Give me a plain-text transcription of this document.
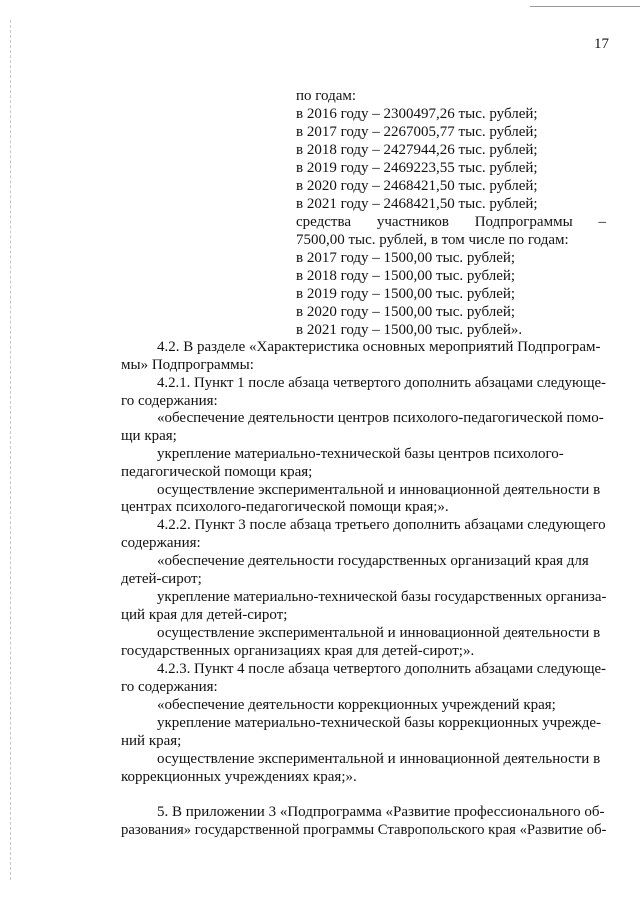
17
по годам:
в 2016 году – 2300497,26 тыс. рублей;
в 2017 году – 2267005,77 тыс. рублей;
в 2018 году – 2427944,26 тыс. рублей;
в 2019 году – 2469223,55 тыс. рублей;
в 2020 году – 2468421,50 тыс. рублей;
в 2021 году – 2468421,50 тыс. рублей;
средства участников Подпрограммы –
7500,00 тыс. рублей, в том числе по годам:
в 2017 году – 1500,00 тыс. рублей;
в 2018 году – 1500,00 тыс. рублей;
в 2019 году – 1500,00 тыс. рублей;
в 2020 году – 1500,00 тыс. рублей;
в 2021 году – 1500,00 тыс. рублей».
4.2. В разделе «Характеристика основных мероприятий Подпрограм-
мы» Подпрограммы:
4.2.1. Пункт 1 после абзаца четвертого дополнить абзацами следующе-
го содержания:
«обеспечение деятельности центров психолого-педагогической помо-
щи края;
укрепление материально-технической базы центров психолого-
педагогической помощи края;
осуществление экспериментальной и инновационной деятельности в
центрах психолого-педагогической помощи края;».
4.2.2. Пункт 3 после абзаца третьего дополнить абзацами следующего
содержания:
«обеспечение деятельности государственных организаций края для
детей-сирот;
укрепление материально-технической базы государственных организа-
ций края для детей-сирот;
осуществление экспериментальной и инновационной деятельности в
государственных организациях края для детей-сирот;».
4.2.3. Пункт 4 после абзаца четвертого дополнить абзацами следующе-
го содержания:
«обеспечение деятельности коррекционных учреждений края;
укрепление материально-технической базы коррекционных учрежде-
ний края;
осуществление экспериментальной и инновационной деятельности в
коррекционных учреждениях края;».
5. В приложении 3 «Подпрограмма «Развитие профессионального об-
разования» государственной программы Ставропольского края «Развитие об-
